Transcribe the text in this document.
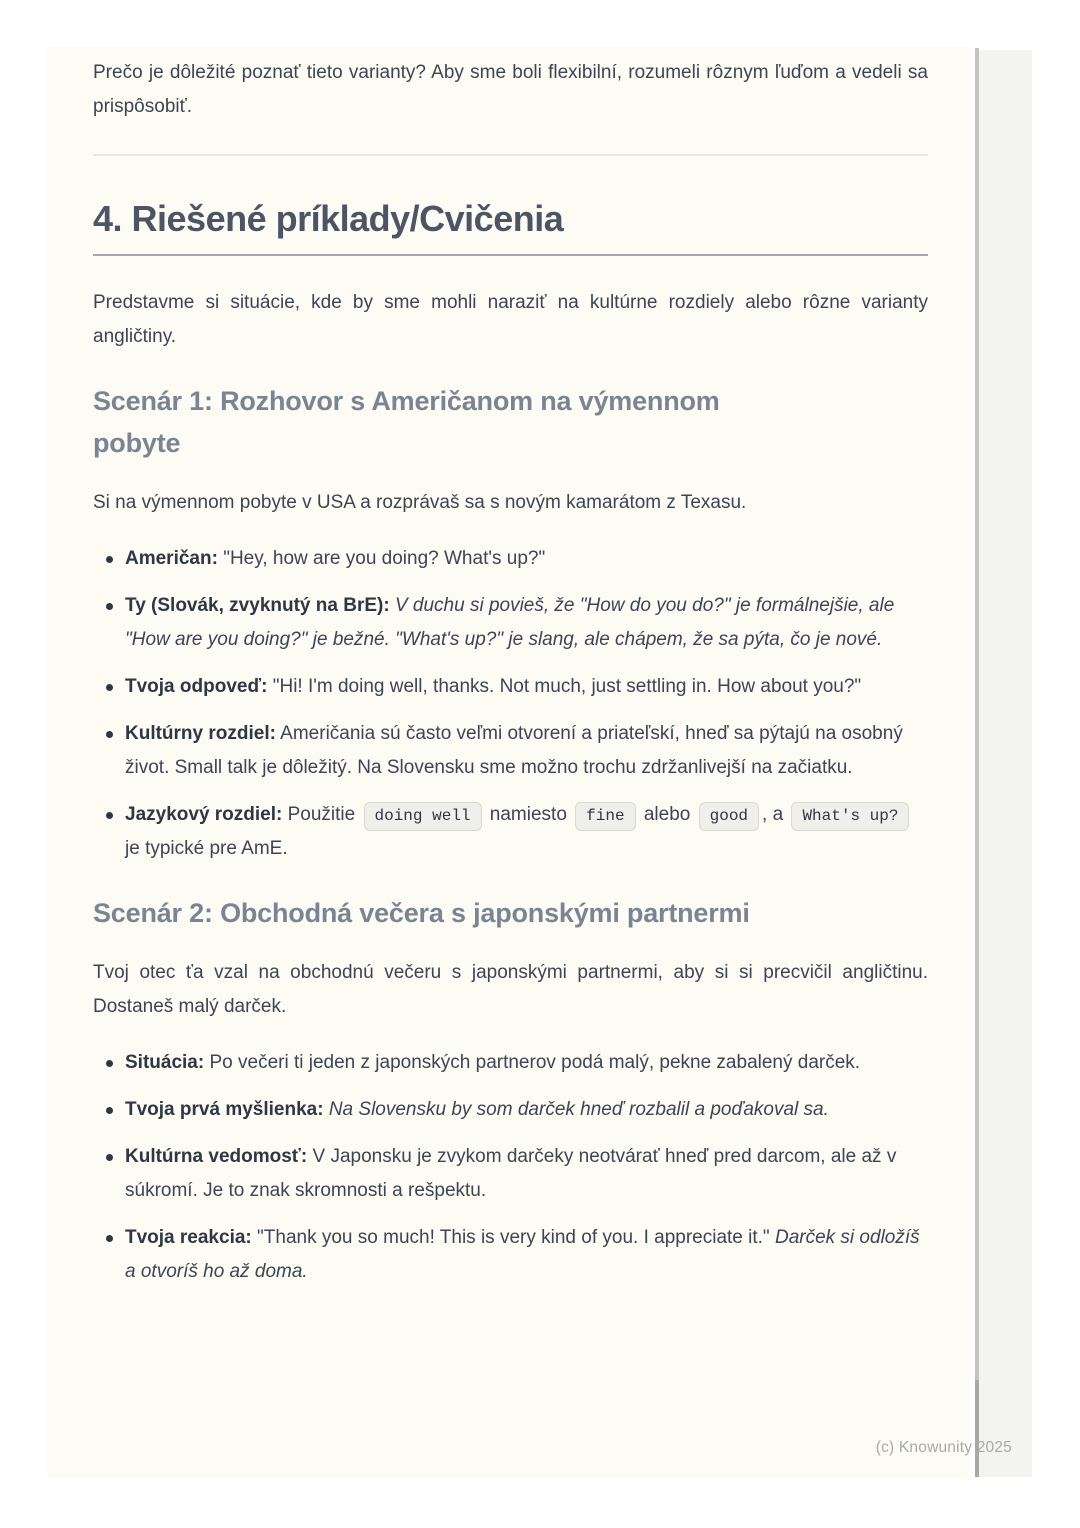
Prečo je dôležité poznať tieto varianty? Aby sme boli flexibilní, rozumeli rôznym ľuďom a vedeli sa prispôsobiť.

4. Riešené príklady/Cvičenia

Predstavme si situácie, kde by sme mohli naraziť na kultúrne rozdiely alebo rôzne varianty angličtiny.

Scenár 1: Rozhovor s Američanom na výmennom pobyte

Si na výmennom pobyte v USA a rozprávaš sa s novým kamarátom z Texasu.

Američan: "Hey, how are you doing? What's up?"
Ty (Slovák, zvyknutý na BrE): V duchu si povieš, že "How do you do?" je formálnejšie, ale "How are you doing?" je bežné. "What's up?" je slang, ale chápem, že sa pýta, čo je nové.
Tvoja odpoveď: "Hi! I'm doing well, thanks. Not much, just settling in. How about you?"
Kultúrny rozdiel: Američania sú často veľmi otvorení a priateľskí, hneď sa pýtajú na osobný život. Small talk je dôležitý. Na Slovensku sme možno trochu zdržanlivejší na začiatku.
Jazykový rozdiel: Použitie doing well namiesto fine alebo good , a What's up? je typické pre AmE.
Scenár 2: Obchodná večera s japonskými partnermi

Tvoj otec ťa vzal na obchodnú večeru s japonskými partnermi, aby si si precvičil angličtinu. Dostaneš malý darček.

Situácia: Po večeri ti jeden z japonských partnerov podá malý, pekne zabalený darček.
Tvoja prvá myšlienka: Na Slovensku by som darček hneď rozbalil a poďakoval sa.
Kultúrna vedomosť: V Japonsku je zvykom darčeky neotvárať hneď pred darcom, ale až v súkromí. Je to znak skromnosti a rešpektu.
Tvoja reakcia: "Thank you so much! This is very kind of you. I appreciate it." Darček si odložíš a otvoríš ho až doma.
(c) Knowunity 2025
